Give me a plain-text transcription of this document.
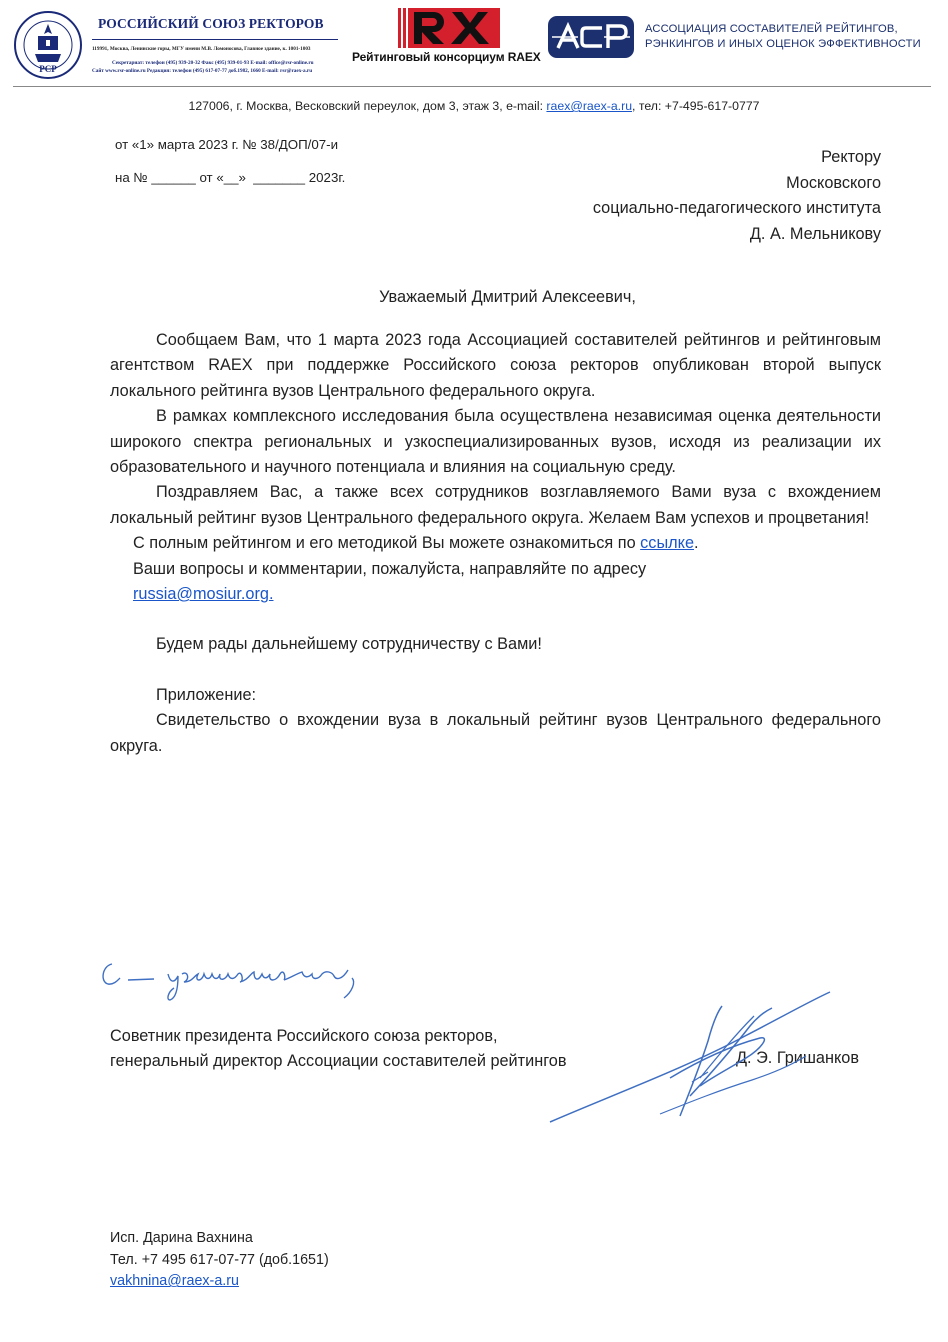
РСР
РОССИЙСКИЙ СОЮЗ РЕКТОРОВ
119991, Москва, Ленинские горы, МГУ имени М.В. Ломоносова, Главное здание, к. 1001-1003
Секретариат: телефон (495) 939-20-32 Факс (495) 939-01-93 E-mail: office@rsr-online.ru
Сайт www.rsr-online.ru Редакция: телефон (495) 617-07-77 доб.1982, 1660 E-mail: rsr@raex-a.ru
Рейтинговый консорциум RAEX
АССОЦИАЦИЯ СОСТАВИТЕЛЕЙ РЕЙТИНГОВ,
РЭНКИНГОВ И ИНЫХ ОЦЕНОК ЭФФЕКТИВНОСТИ
127006, г. Москва, Весковский переулок, дом 3, этаж 3, e-mail: raex@raex-a.ru, тел: +7-495-617-0777
от «1» марта 2023 г. № 38/ДОП/07-и
на № ______ от «__»  _______ 2023г.
Ректору
Московского
социально-педагогического института
Д. А. Мельникову
Уважаемый Дмитрий Алексеевич,

Сообщаем Вам, что 1 марта 2023 года Ассоциацией составителей рейтингов и рейтинговым агентством RAEX при поддержке Российского союза ректоров опубликован второй выпуск локального рейтинга вузов Центрального федерального округа.

В рамках комплексного исследования была осуществлена независимая оценка деятельности широкого спектра региональных и узкоспециализированных вузов, исходя из реализации их образовательного и научного потенциала и влияния на социальную среду.

Поздравляем Вас, а также всех сотрудников возглавляемого Вами вуза с вхождением локальный рейтинг вузов Центрального федерального округа. Желаем Вам успехов и процветания!

С полным рейтингом и его методикой Вы можете ознакомиться по ссылке.

Ваши вопросы и комментарии, пожалуйста, направляйте по адресу
russia@mosiur.org.

Будем рады дальнейшему сотрудничеству с Вами!

Приложение:

Свидетельство о вхождении вуза в локальный рейтинг вузов Центрального федерального округа.

Советник президента Российского союза ректоров,
генеральный директор Ассоциации составителей рейтингов	Д. Э. Гришанков
Исп. Дарина Вахнина
Тел. +7 495 617-07-77 (доб.1651)
vakhnina@raex-a.ru
